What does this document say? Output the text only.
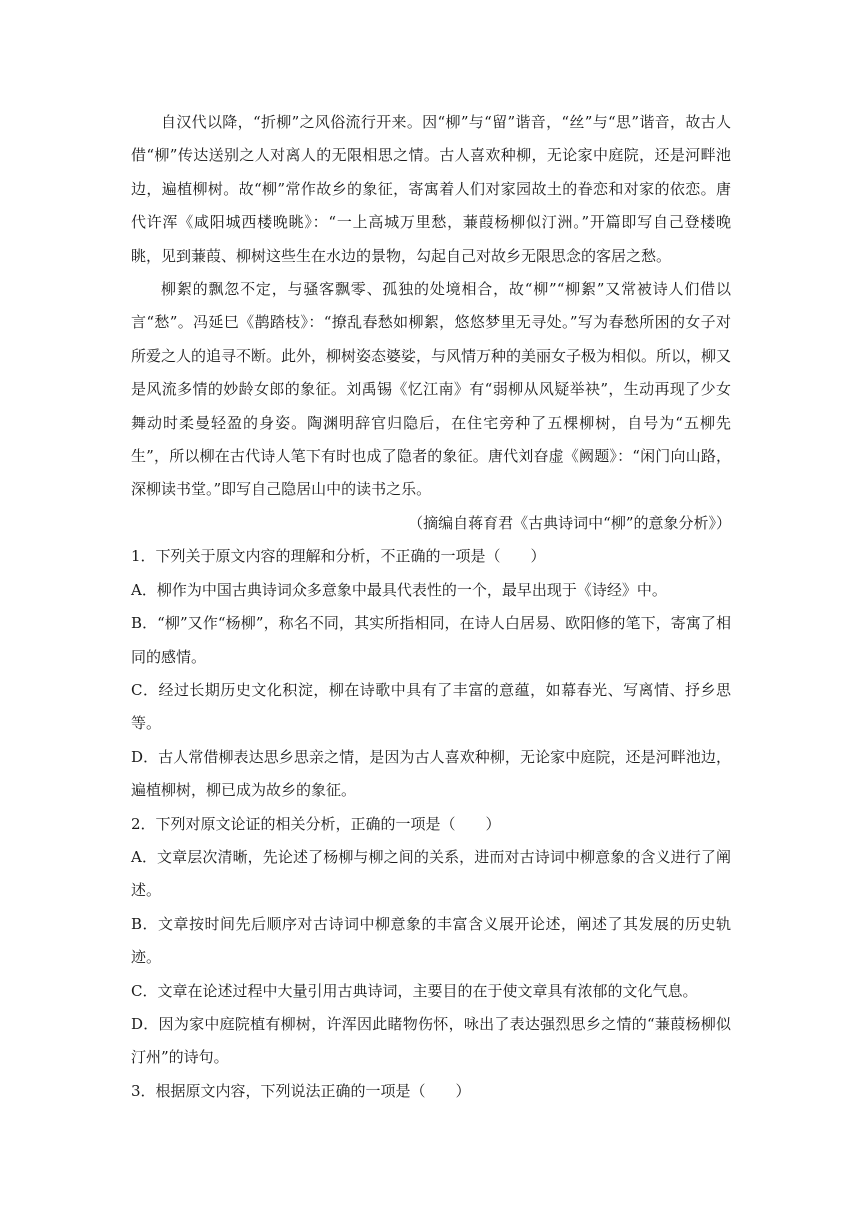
自汉代以降，“折柳”之风俗流行开来。因“柳”与“留”谐音，“丝”与“思”谐音，故古人借“柳”传达送别之人对离人的无限相思之情。古人喜欢种柳，无论家中庭院，还是河畔池边，遍植柳树。故“柳”常作故乡的象征，寄寓着人们对家园故土的眷恋和对家的依恋。唐代许浑《咸阳城西楼晚眺》：“一上高城万里愁，蒹葭杨柳似汀洲。”开篇即写自己登楼晚眺，见到蒹葭、柳树这些生在水边的景物，勾起自己对故乡无限思念的客居之愁。

柳絮的飘忽不定，与骚客飘零、孤独的处境相合，故“柳”“柳絮”又常被诗人们借以言“愁”。冯延巳《鹊踏枝》：“撩乱春愁如柳絮，悠悠梦里无寻处。”写为春愁所困的女子对所爱之人的追寻不断。此外，柳树姿态婆娑，与风情万种的美丽女子极为相似。所以，柳又是风流多情的妙龄女郎的象征。刘禹锡《忆江南》有“弱柳从风疑举袂”，生动再现了少女舞动时柔曼轻盈的身姿。陶渊明辞官归隐后，在住宅旁种了五棵柳树，自号为“五柳先生”，所以柳在古代诗人笔下有时也成了隐者的象征。唐代刘昚虚《阙题》：“闲门向山路，深柳读书堂。”即写自己隐居山中的读书之乐。

（摘编自蒋育君《古典诗词中“柳”的意象分析》）

1．下列关于原文内容的理解和分析，不正确的一项是（　　）

A．柳作为中国古典诗词众多意象中最具代表性的一个，最早出现于《诗经》中。

B．“柳”又作“杨柳”，称名不同，其实所指相同，在诗人白居易、欧阳修的笔下，寄寓了相同的感情。

C．经过长期历史文化积淀，柳在诗歌中具有了丰富的意蕴，如幕春光、写离情、抒乡思等。

D．古人常借柳表达思乡思亲之情，是因为古人喜欢种柳，无论家中庭院，还是河畔池边，遍植柳树，柳已成为故乡的象征。

2．下列对原文论证的相关分析，正确的一项是（　　）

A．文章层次清晰，先论述了杨柳与柳之间的关系，进而对古诗词中柳意象的含义进行了阐述。

B．文章按时间先后顺序对古诗词中柳意象的丰富含义展开论述，阐述了其发展的历史轨迹。

C．文章在论述过程中大量引用古典诗词，主要目的在于使文章具有浓郁的文化气息。

D．因为家中庭院植有柳树，许浑因此睹物伤怀，咏出了表达强烈思乡之情的“蒹葭杨柳似汀州”的诗句。

3．根据原文内容，下列说法正确的一项是（　　）
